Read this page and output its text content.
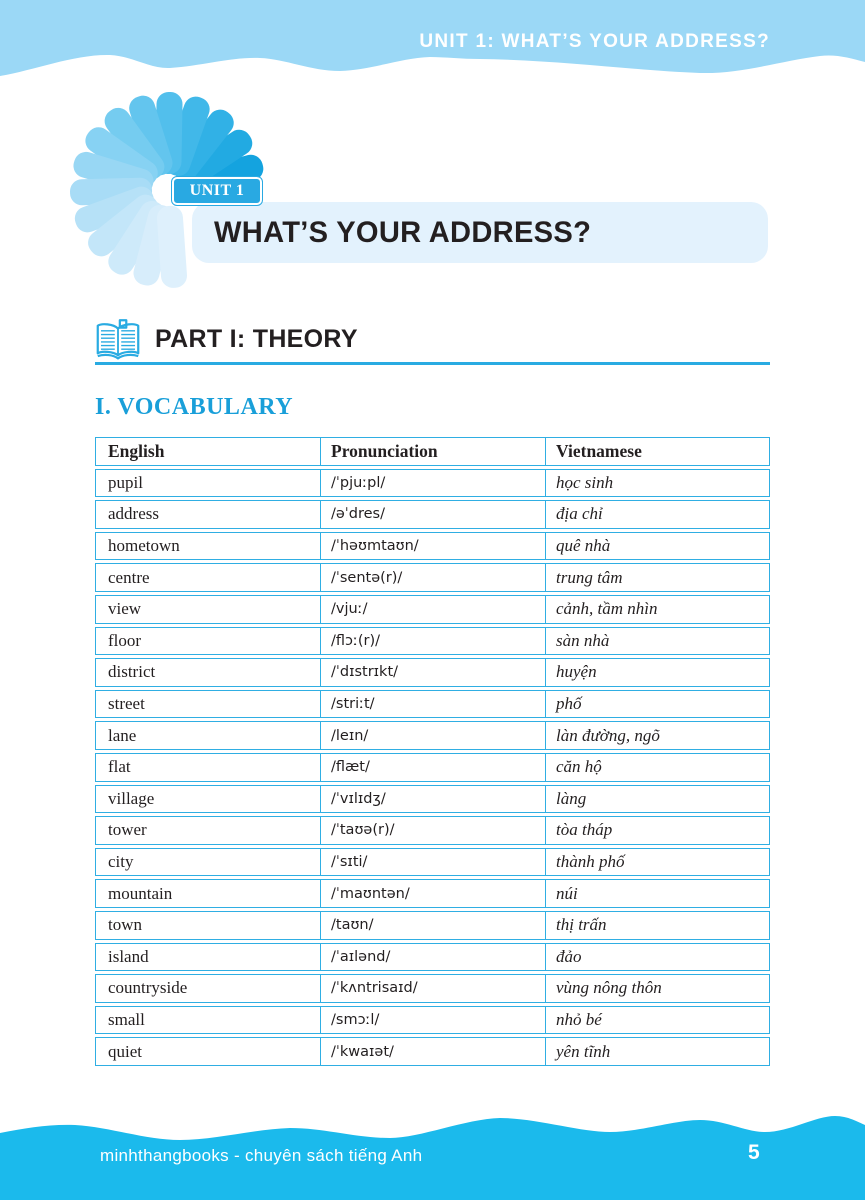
UNIT 1: WHAT’S YOUR ADDRESS?
UNIT 1
WHAT’S YOUR ADDRESS?
PART I: THEORY
I. VOCABULARY
English	Pronunciation	Vietnamese
pupil	/ˈpjuːpl/	học sinh
address	/əˈdres/	địa chỉ
hometown	/ˈhəʊmtaʊn/	quê nhà
centre	/ˈsentə(r)/	trung tâm
view	/vjuː/	cảnh, tầm nhìn
floor	/flɔː(r)/	sàn nhà
district	/ˈdɪstrɪkt/	huyện
street	/striːt/	phố
lane	/leɪn/	làn đường, ngõ
flat	/flæt/	căn hộ
village	/ˈvɪlɪdʒ/	làng
tower	/ˈtaʊə(r)/	tòa tháp
city	/ˈsɪti/	thành phố
mountain	/ˈmaʊntən/	núi
town	/taʊn/	thị trấn
island	/ˈaɪlənd/	đảo
countryside	/ˈkʌntrisaɪd/	vùng nông thôn
small	/smɔːl/	nhỏ bé
quiet	/ˈkwaɪət/	yên tĩnh
minhthangbooks - chuyên sách tiếng Anh	5
